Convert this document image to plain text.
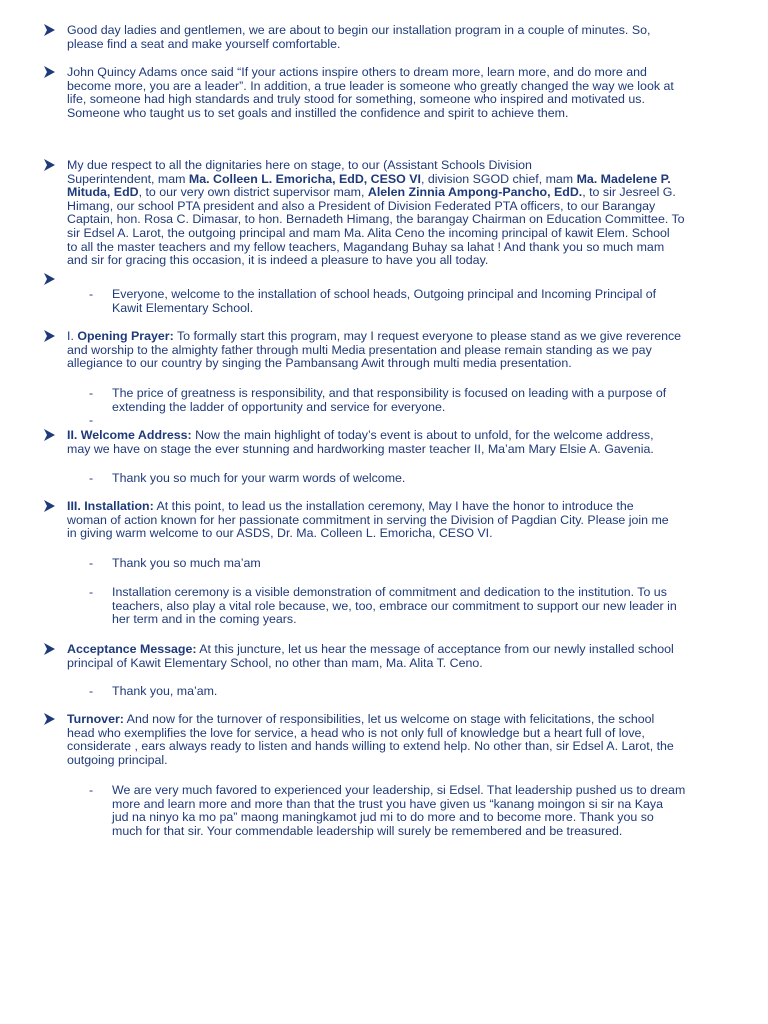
Good day ladies and gentlemen, we are about to begin our installation program in a couple of minutes. So,
please find a seat and make yourself comfortable.
John Quincy Adams once said “If your actions inspire others to dream more, learn more, and do more and
become more, you are a leader”. In addition, a true leader is someone who greatly changed the way we look at
life, someone had high standards and truly stood for something, someone who inspired and motivated us.
Someone who taught us to set goals and instilled the confidence and spirit to achieve them.
My due respect to all the dignitaries here on stage, to our (Assistant Schools Division
Superintendent, mam Ma. Colleen L. Emoricha, EdD, CESO VI, division SGOD chief, mam Ma. Madelene P.
Mituda, EdD, to our very own district supervisor mam, Alelen Zinnia Ampong-Pancho, EdD., to sir Jesreel G.
Himang, our school PTA president and also a President of Division Federated PTA officers, to our Barangay
Captain, hon. Rosa C. Dimasar, to hon. Bernadeth Himang, the barangay Chairman on Education Committee. To
sir Edsel A. Larot, the outgoing principal and mam Ma. Alita Ceno the incoming principal of kawit Elem. School
to all the master teachers and my fellow teachers, Magandang Buhay sa lahat ! And thank you so much mam
and sir for gracing this occasion, it is indeed a pleasure to have you all today.
- Everyone, welcome to the installation of school heads, Outgoing principal and Incoming Principal of
Kawit Elementary School.
I. Opening Prayer: To formally start this program, may I request everyone to please stand as we give reverence
and worship to the almighty father through multi Media presentation and please remain standing as we pay
allegiance to our country by singing the Pambansang Awit through multi media presentation.
- The price of greatness is responsibility, and that responsibility is focused on leading with a purpose of
extending the ladder of opportunity and service for everyone.
-
II. Welcome Address: Now the main highlight of today’s event is about to unfold, for the welcome address,
may we have on stage the ever stunning and hardworking master teacher II, Ma’am Mary Elsie A. Gavenia.
- Thank you so much for your warm words of welcome.
III. Installation: At this point, to lead us the installation ceremony, May I have the honor to introduce the
woman of action known for her passionate commitment in serving the Division of Pagdian City. Please join me
in giving warm welcome to our ASDS, Dr. Ma. Colleen L. Emoricha, CESO VI.
- Thank you so much ma’am
- Installation ceremony is a visible demonstration of commitment and dedication to the institution. To us
teachers, also play a vital role because, we, too, embrace our commitment to support our new leader in
her term and in the coming years.
Acceptance Message: At this juncture, let us hear the message of acceptance from our newly installed school
principal of Kawit Elementary School, no other than mam, Ma. Alita T. Ceno.
- Thank you, ma’am.
Turnover: And now for the turnover of responsibilities, let us welcome on stage with felicitations, the school
head who exemplifies the love for service, a head who is not only full of knowledge but a heart full of love,
considerate , ears always ready to listen and hands willing to extend help. No other than, sir Edsel A. Larot, the
outgoing principal.
- We are very much favored to experienced your leadership, si Edsel. That leadership pushed us to dream
more and learn more and more than that the trust you have given us “kanang moingon si sir na Kaya
jud na ninyo ka mo pa” maong maningkamot jud mi to do more and to become more. Thank you so
much for that sir. Your commendable leadership will surely be remembered and be treasured.
